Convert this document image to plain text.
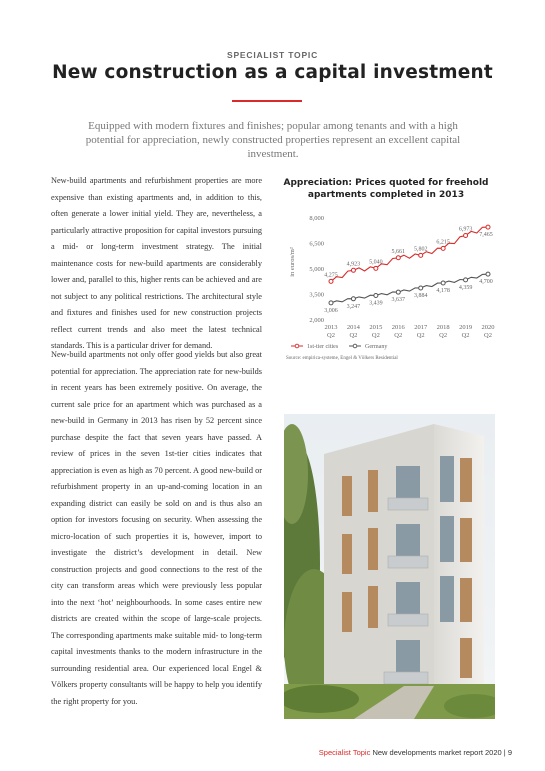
SPECIALIST TOPIC
New construction as a capital investment
Equipped with modern fixtures and finishes; popular among tenants and with a high potential for appreciation, newly constructed properties represent an excellent capital investment.
New-build apartments and refurbishment properties are more expensive than existing apartments and, in addition to this, often generate a lower initial yield. They are, nevertheless, a particularly attractive proposition for capital investors pursuing a mid- or long-term investment strategy. The initial maintenance costs for new-build apartments are considerably lower and, parallel to this, higher rents can be achieved and are not subject to any political restrictions. The architectural style and fixtures and finishes used for new construction projects reflect current trends and also meet the latest technical standards. This is a particular driver for demand.
New-build apartments not only offer good yields but also great potential for appreciation. The appreciation rate for new-builds in recent years has been extremely positive. On average, the current sale price for an apartment which was purchased as a new-build in Germany in 2013 has risen by 52 percent since purchase despite the fact that seven years have passed. A review of prices in the seven 1st-tier cities indicates that appreciation is even as high as 70 percent. A good new-build or refurbishment property in an up-and-coming location in an expanding district can easily be sold on and is thus also an option for investors focusing on security. When assessing the micro-location of such properties it is, however, import to investigate the district’s development in detail. New construction projects and good connections to the rest of the city can transform areas which were previously less popular into the next ‘hot’ neighbourhoods. In some cases entire new districts are created within the scope of large-scale projects. The corresponding apartments make suitable mid- to long-term capital investments thanks to the modern infrastructure in the surrounding residential area. Our experienced local Engel & Völkers property consultants will be happy to help you identify the right property for you.
Appreciation: Prices quoted for freehold apartments completed in 2013
in euros/m²
2,000
3,500
5,000
6,500
8,000
2013 Q2
2014 Q2
2015 Q2
2016 Q2
2017 Q2
2018 Q2
2019 Q2
2020 Q2
4,275
4,923 5,040
5,661 5,802
6,215
6,973
7,465
3,006
3,247
3,439
3,637
3,884
4,178
4,359
4,700
1st-tier cities	Germany
Source: empirica-systeme, Engel & Völkers Residential
Specialist Topic New developments market report 2020 | 9
